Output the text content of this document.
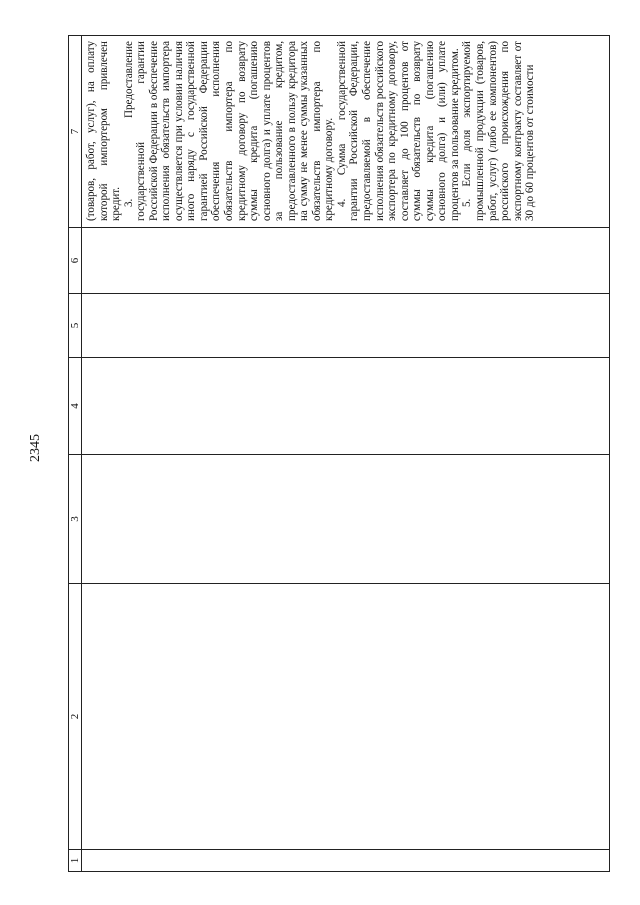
2345
1	2	3	4	5	6	7

						(товаров, работ, услуг), на оплату которой импортером привлечен кредит. 3. Предоставление государственной гарантии Российской Федерации в обеспечение исполнения обязательств импортера осуществляется при условии наличия иного наряду с государственной гарантией Российской Федерации обеспечения исполнения обязательств импортера по кредитному договору по возврату суммы кредита (погашению основного долга) и уплате процентов за пользование кредитом, предоставленного в пользу кредитора на сумму не менее суммы указанных обязательств импортера по кредитному договору. 4. Сумма государственной гарантии Российской Федерации, предоставляемой в обеспечение исполнения обязательств российского экспортера по кредитному договору, составляет до 100 процентов от суммы обязательств по возврату суммы кредита (погашению основного долга) и (или) уплате процентов за пользование кредитом. 5. Если доля экспортируемой промышленной продукции (товаров, работ, услуг) (либо ее компонентов) российского происхождения по экспортному контракту составляет от 30 до 60 процентов от стоимости
